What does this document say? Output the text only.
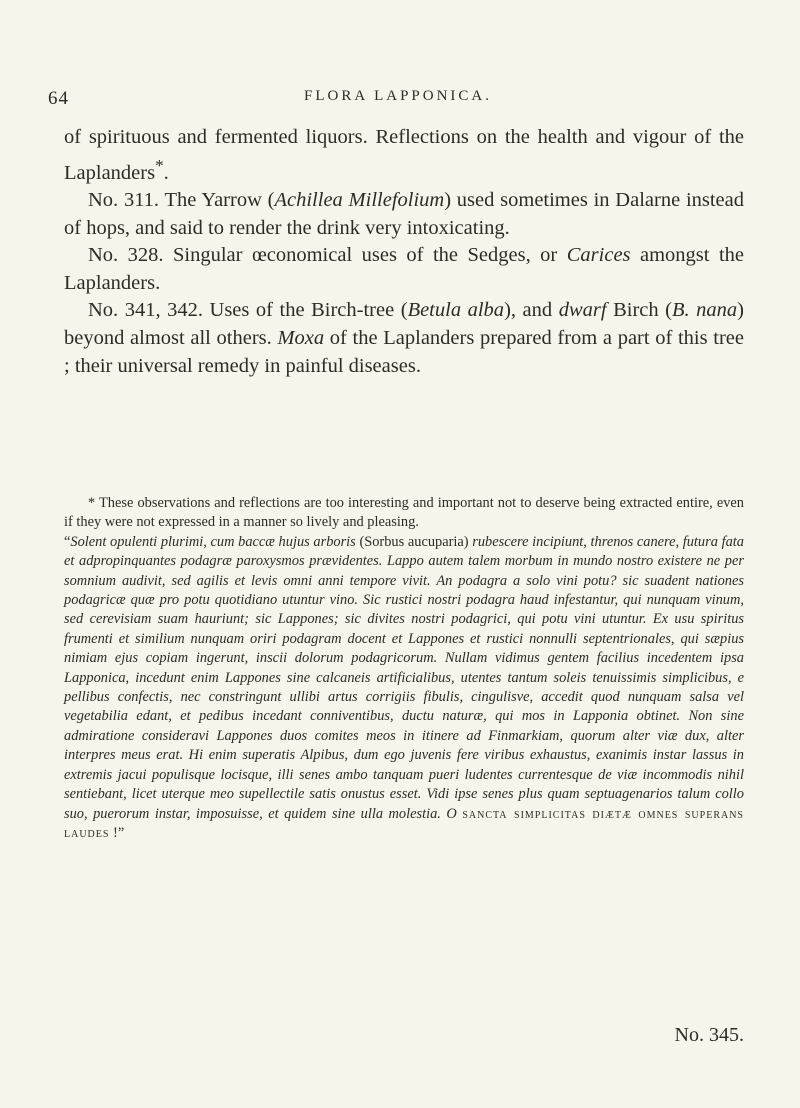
64	FLORA LAPPONICA.

of spirituous and fermented liquors. Reflections on the health and vigour of the Laplanders*.

No. 311. The Yarrow (Achillea Millefolium) used sometimes in Dalarne instead of hops, and said to render the drink very intoxicating.

No. 328. Singular œconomical uses of the Sedges, or Carices amongst the Laplanders.

No. 341, 342. Uses of the Birch-tree (Betula alba), and dwarf Birch (B. nana) beyond almost all others. Moxa of the Laplanders prepared from a part of this tree ; their universal remedy in painful diseases.

* These observations and reflections are too interesting and important not to deserve being extracted entire, even if they were not expressed in a manner so lively and pleasing.

“Solent opulenti plurimi, cum baccæ hujus arboris (Sorbus aucuparia) rubescere incipiunt, threnos canere, futura fata et adpropinquantes podagræ paroxysmos prævidentes. Lappo autem talem morbum in mundo nostro existere ne per somnium audivit, sed agilis et levis omni anni tempore vivit. An podagra a solo vini potu? sic suadent nationes podagricæ quæ pro potu quotidiano utuntur vino. Sic rustici nostri podagra haud infestantur, qui nunquam vinum, sed cerevisiam suam hauriunt; sic Lappones; sic divites nostri podagrici, qui potu vini utuntur. Ex usu spiritus frumenti et similium nunquam oriri podagram docent et Lappones et rustici nonnulli septentrionales, qui sæpius nimiam ejus copiam ingerunt, inscii dolorum podagricorum. Nullam vidimus gentem facilius incedentem ipsa Lapponica, incedunt enim Lappones sine calcaneis artificialibus, utentes tantum soleis tenuissimis simplicibus, e pellibus confectis, nec constringunt ullibi artus corrigiis fibulis, cingulisve, accedit quod nunquam salsa vel vegetabilia edant, et pedibus incedant conniventibus, ductu naturæ, qui mos in Lapponia obtinet. Non sine admiratione consideravi Lappones duos comites meos in itinere ad Finmarkiam, quorum alter viæ dux, alter interpres meus erat. Hi enim superatis Alpibus, dum ego juvenis fere viribus exhaustus, exanimis instar lassus in extremis jacui populisque locisque, illi senes ambo tanquam pueri ludentes currentesque de viæ incommodis nihil sentiebant, licet uterque meo supellectile satis onustus esset. Vidi ipse senes plus quam septuagenarios talum collo suo, puerorum instar, imposuisse, et quidem sine ulla molestia. O sancta simplicitas diætæ omnes superans laudes !”

No. 345.
